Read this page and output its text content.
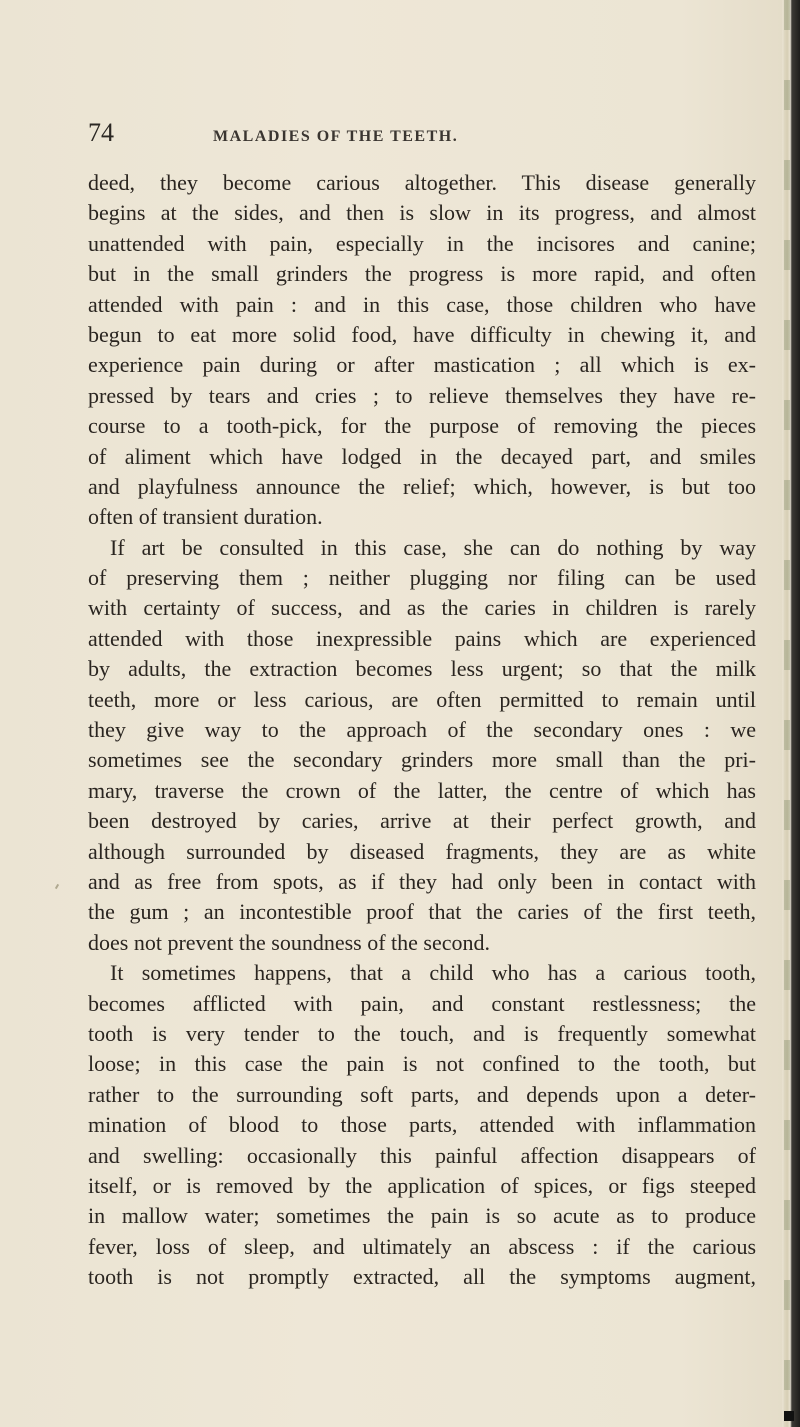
74	MALADIES OF THE TEETH.
deed, they become carious altogether. This disease generally
begins at the sides, and then is slow in its progress, and almost
unattended with pain, especially in the incisores and canine;
but in the small grinders the progress is more rapid, and often
attended with pain : and in this case, those children who have
begun to eat more solid food, have difficulty in chewing it, and
experience pain during or after mastication ; all which is ex-
pressed by tears and cries ; to relieve themselves they have re-
course to a tooth-pick, for the purpose of removing the pieces
of aliment which have lodged in the decayed part, and smiles
and playfulness announce the relief; which, however, is but too
often of transient duration.
If art be consulted in this case, she can do nothing by way
of preserving them ; neither plugging nor filing can be used
with certainty of success, and as the caries in children is rarely
attended with those inexpressible pains which are experienced
by adults, the extraction becomes less urgent; so that the milk
teeth, more or less carious, are often permitted to remain until
they give way to the approach of the secondary ones : we
sometimes see the secondary grinders more small than the pri-
mary, traverse the crown of the latter, the centre of which has
been destroyed by caries, arrive at their perfect growth, and
although surrounded by diseased fragments, they are as white
and as free from spots, as if they had only been in contact with
the gum ; an incontestible proof that the caries of the first teeth,
does not prevent the soundness of the second.
It sometimes happens, that a child who has a carious tooth,
becomes afflicted with pain, and constant restlessness; the
tooth is very tender to the touch, and is frequently somewhat
loose; in this case the pain is not confined to the tooth, but
rather to the surrounding soft parts, and depends upon a deter-
mination of blood to those parts, attended with inflammation
and swelling: occasionally this painful affection disappears of
itself, or is removed by the application of spices, or figs steeped
in mallow water; sometimes the pain is so acute as to produce
fever, loss of sleep, and ultimately an abscess : if the carious
tooth is not promptly extracted, all the symptoms augment,
